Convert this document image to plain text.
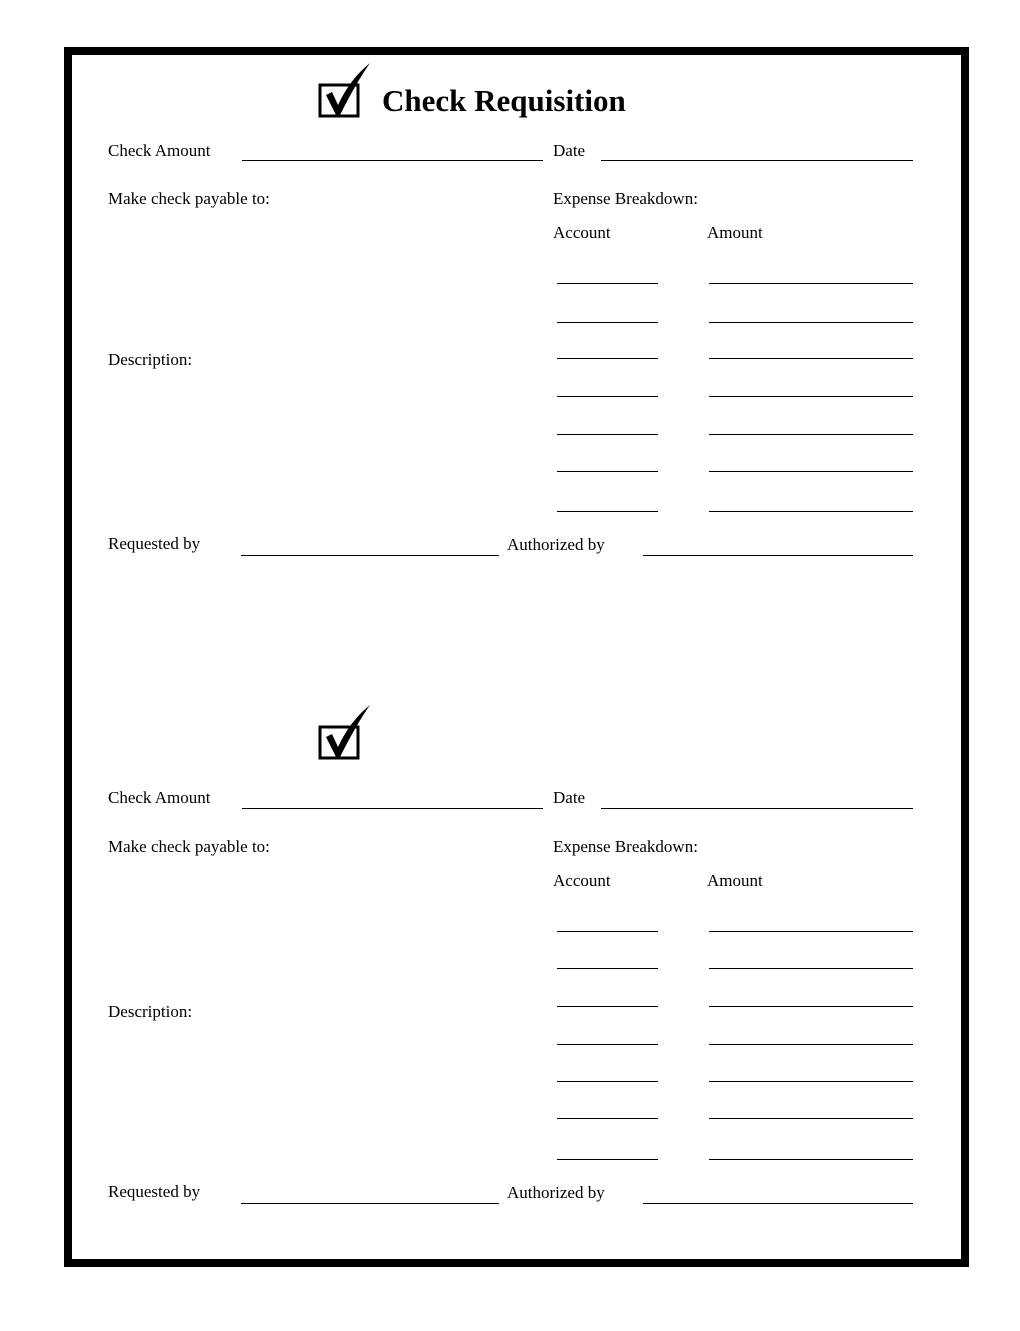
Check Requisition
Check Amount	Date
Make check payable to:	Expense Breakdown:
Account	Amount
Description:
Requested by	Authorized by
Check Amount	Date
Make check payable to:	Expense Breakdown:
Account	Amount
Description:
Requested by	Authorized by
